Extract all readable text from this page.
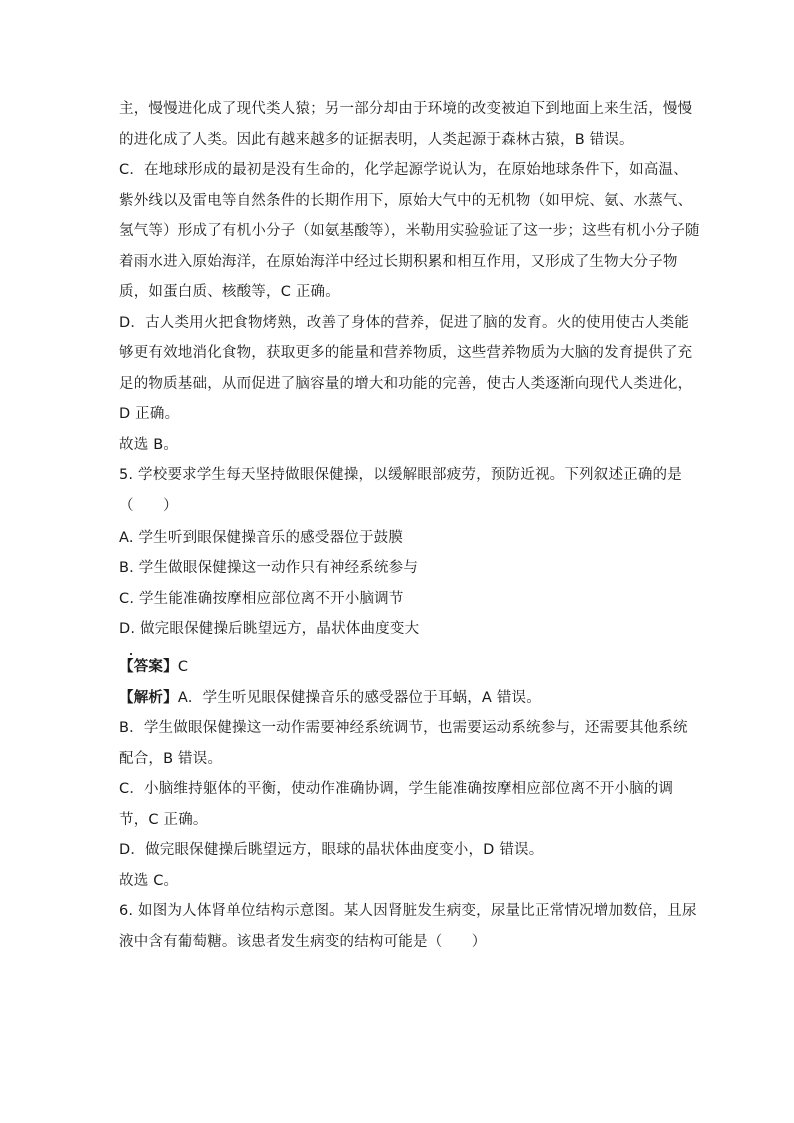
主，慢慢进化成了现代类人猿；另一部分却由于环境的改变被迫下到地面上来生活，慢慢
的进化成了人类。因此有越来越多的证据表明，人类起源于森林古猿，B 错误。
C．在地球形成的最初是没有生命的，化学起源学说认为，在原始地球条件下，如高温、
紫外线以及雷电等自然条件的长期作用下，原始大气中的无机物（如甲烷、氨、水蒸气、
氢气等）形成了有机小分子（如氨基酸等），米勒用实验验证了这一步；这些有机小分子随
着雨水进入原始海洋，在原始海洋中经过长期积累和相互作用，又形成了生物大分子物
质，如蛋白质、核酸等，C 正确。
D．古人类用火把食物烤熟，改善了身体的营养，促进了脑的发育。火的使用使古人类能
够更有效地消化食物，获取更多的能量和营养物质，这些营养物质为大脑的发育提供了充
足的物质基础，从而促进了脑容量的增大和功能的完善，使古人类逐渐向现代人类进化，
D 正确。
故选 B。
5. 学校要求学生每天坚持做眼保健操，以缓解眼部疲劳，预防近视。下列叙述正确的是
（　　）
A. 学生听到眼保健操音乐的感受器位于鼓膜
B. 学生做眼保健操这一动作只有神经系统参与
C. 学生能准确按摩相应部位离不开小脑调节
D. 做完眼保健操后眺望远方，晶状体曲度变大
【答案】C
【解析】A．学生听见眼保健操音乐的感受器位于耳蜗，A 错误。
B．学生做眼保健操这一动作需要神经系统调节，也需要运动系统参与，还需要其他系统
配合，B 错误。
C．小脑维持躯体的平衡，使动作准确协调，学生能准确按摩相应部位离不开小脑的调
节，C 正确。
D．做完眼保健操后眺望远方，眼球的晶状体曲度变小，D 错误。
故选 C。
6. 如图为人体肾单位结构示意图。某人因肾脏发生病变，尿量比正常情况增加数倍，且尿
液中含有葡萄糖。该患者发生病变的结构可能是（　　）
